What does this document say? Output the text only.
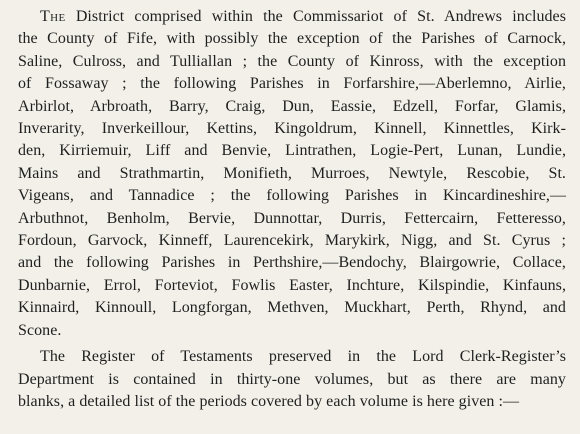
The District comprised within the Commissariot of St. Andrews includes
the County of Fife, with possibly the exception of the Parishes of Carnock,
Saline, Culross, and Tulliallan ; the County of Kinross, with the exception
of Fossaway ; the following Parishes in Forfarshire,—Aberlemno, Airlie,
Arbirlot, Arbroath, Barry, Craig, Dun, Eassie, Edzell, Forfar, Glamis,
Inverarity, Inverkeillour, Kettins, Kingoldrum, Kinnell, Kinnettles, Kirk-
den, Kirriemuir, Liff and Benvie, Lintrathen, Logie-Pert, Lunan, Lundie,
Mains and Strathmartin, Monifieth, Murroes, Newtyle, Rescobie, St.
Vigeans, and Tannadice ; the following Parishes in Kincardineshire,—
Arbuthnot, Benholm, Bervie, Dunnottar, Durris, Fettercairn, Fetteresso,
Fordoun, Garvock, Kinneff, Laurencekirk, Marykirk, Nigg, and St. Cyrus ;
and the following Parishes in Perthshire,—Bendochy, Blairgowrie, Collace,
Dunbarnie, Errol, Forteviot, Fowlis Easter, Inchture, Kilspindie, Kinfauns,
Kinnaird, Kinnoull, Longforgan, Methven, Muckhart, Perth, Rhynd, and
Scone.
The Register of Testaments preserved in the Lord Clerk-Register’s
Department is contained in thirty-one volumes, but as there are many
blanks, a detailed list of the periods covered by each volume is here given :—
